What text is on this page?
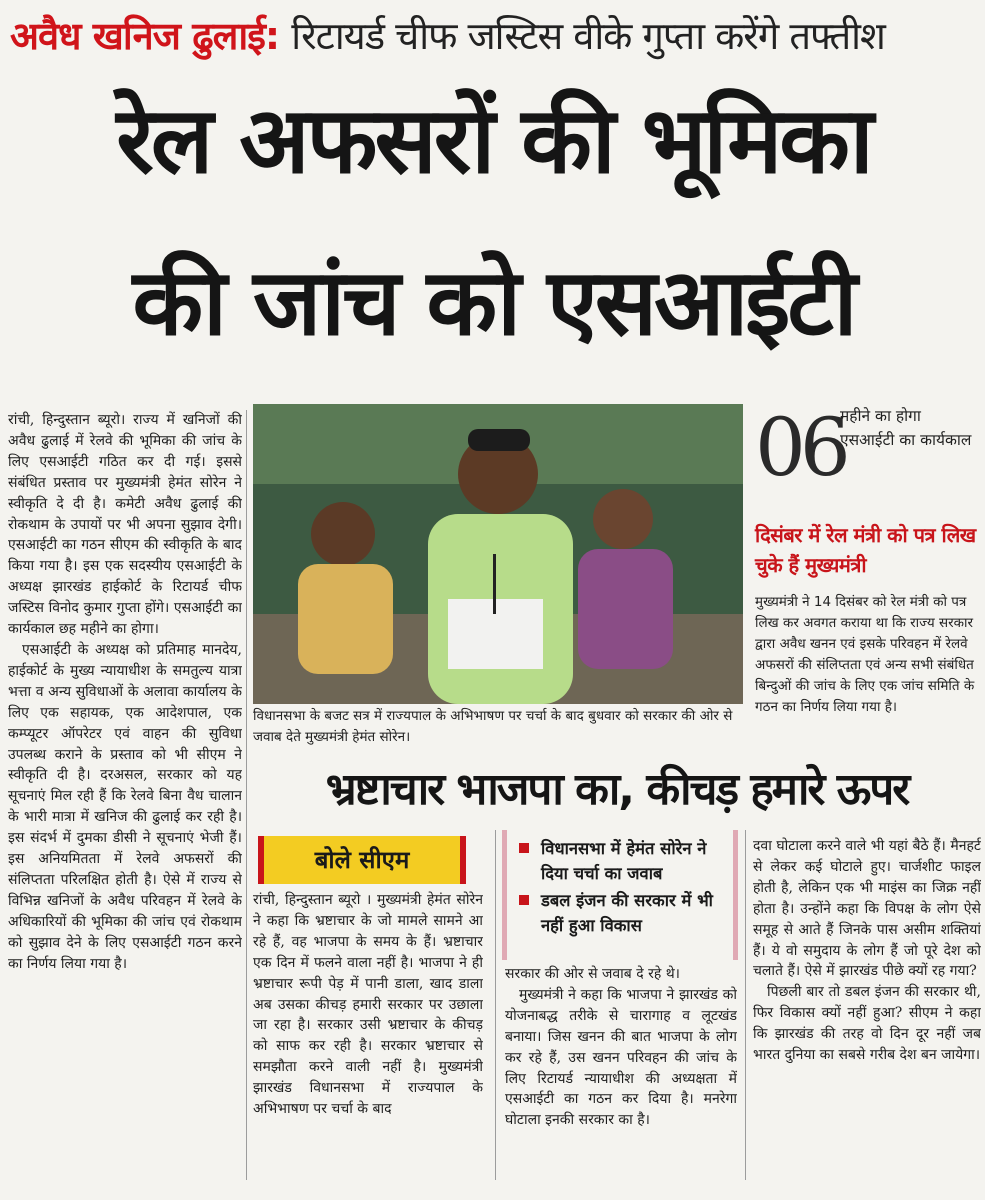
अवैध खनिज ढुलाई: रिटायर्ड चीफ जस्टिस वीके गुप्ता करेंगे तफ्तीश
रेल अफसरों की भूमिका
की जांच को एसआईटी

रांची, हिन्दुस्तान ब्यूरो। राज्य में खनिजों की अवैध ढुलाई में रेलवे की भूमिका की जांच के लिए एसआईटी गठित कर दी गई। इससे संबंधित प्रस्ताव पर मुख्यमंत्री हेमंत सोरेन ने स्वीकृति दे दी है। कमेटी अवैध ढुलाई की रोकथाम के उपायों पर भी अपना सुझाव देगी। एसआईटी का गठन सीएम की स्वीकृति के बाद किया गया है। इस एक सदस्यीय एसआईटी के अध्यक्ष झारखंड हाईकोर्ट के रिटायर्ड चीफ जस्टिस विनोद कुमार गुप्ता होंगे। एसआईटी का कार्यकाल छह महीने का होगा।

एसआईटी के अध्यक्ष को प्रतिमाह मानदेय, हाईकोर्ट के मुख्य न्यायाधीश के समतुल्य यात्रा भत्ता व अन्य सुविधाओं के अलावा कार्यालय के लिए एक सहायक, एक आदेशपाल, एक कम्प्यूटर ऑपरेटर एवं वाहन की सुविधा उपलब्ध कराने के प्रस्ताव को भी सीएम ने स्वीकृति दी है। दरअसल, सरकार को यह सूचनाएं मिल रही हैं कि रेलवे बिना वैध चालान के भारी मात्रा में खनिज की ढुलाई कर रही है। इस संदर्भ में दुमका डीसी ने सूचनाएं भेजी हैं। इस अनियमितता में रेलवे अफसरों की संलिप्तता परिलक्षित होती है। ऐसे में राज्य से विभिन्न खनिजों के अवैध परिवहन में रेलवे के अधिकारियों की भूमिका की जांच एवं रोकथाम को सुझाव देने के लिए एसआईटी गठन करने का निर्णय लिया गया है।

विधानसभा के बजट सत्र में राज्यपाल के अभिभाषण पर चर्चा के बाद बुधवार को सरकार की ओर से जवाब देते मुख्यमंत्री हेमंत सोरेन।
06
महीने का होगा एसआईटी का कार्यकाल
दिसंबर में रेल मंत्री को पत्र लिख चुके हैं मुख्यमंत्री
मुख्यमंत्री ने 14 दिसंबर को रेल मंत्री को पत्र लिख कर अवगत कराया था कि राज्य सरकार द्वारा अवैध खनन एवं इसके परिवहन में रेलवे अफसरों की संलिप्तता एवं अन्य सभी संबंधित बिन्दुओं की जांच के लिए एक जांच समिति के गठन का निर्णय लिया गया है।
भ्रष्टाचार भाजपा का, कीचड़ हमारे ऊपर
बोले सीएम

रांची, हिन्दुस्तान ब्यूरो । मुख्यमंत्री हेमंत सोरेन ने कहा कि भ्रष्टाचार के जो मामले सामने आ रहे हैं, वह भाजपा के समय के हैं। भ्रष्टाचार एक दिन में फलने वाला नहीं है। भाजपा ने ही भ्रष्टाचार रूपी पेड़ में पानी डाला, खाद डाला अब उसका कीचड़ हमारी सरकार पर उछाला जा रहा है। सरकार उसी भ्रष्टाचार के कीचड़ को साफ कर रही है। सरकार भ्रष्टाचार से समझौता करने वाली नहीं है। मुख्यमंत्री झारखंड विधानसभा में राज्यपाल के अभिभाषण पर चर्चा के बाद

विधानसभा में हेमंत सोरेन ने दिया चर्चा का जवाब
डबल इंजन की सरकार में भी नहीं हुआ विकास

सरकार की ओर से जवाब दे रहे थे।

मुख्यमंत्री ने कहा कि भाजपा ने झारखंड को योजनाबद्ध तरीके से चारागाह व लूटखंड बनाया। जिस खनन की बात भाजपा के लोग कर रहे हैं, उस खनन परिवहन की जांच के लिए रिटायर्ड न्यायाधीश की अध्यक्षता में एसआईटी का गठन कर दिया है। मनरेगा घोटाला इनकी सरकार का है।

दवा घोटाला करने वाले भी यहां बैठे हैं। मैनहर्ट से लेकर कई घोटाले हुए। चार्जशीट फाइल होती है, लेकिन एक भी माइंस का जिक्र नहीं होता है। उन्होंने कहा कि विपक्ष के लोग ऐसे समूह से आते हैं जिनके पास असीम शक्तियां हैं। ये वो समुदाय के लोग हैं जो पूरे देश को चलाते हैं। ऐसे में झारखंड पीछे क्यों रह गया?

पिछली बार तो डबल इंजन की सरकार थी, फिर विकास क्यों नहीं हुआ? सीएम ने कहा कि झारखंड की तरह वो दिन दूर नहीं जब भारत दुनिया का सबसे गरीब देश बन जायेगा।
